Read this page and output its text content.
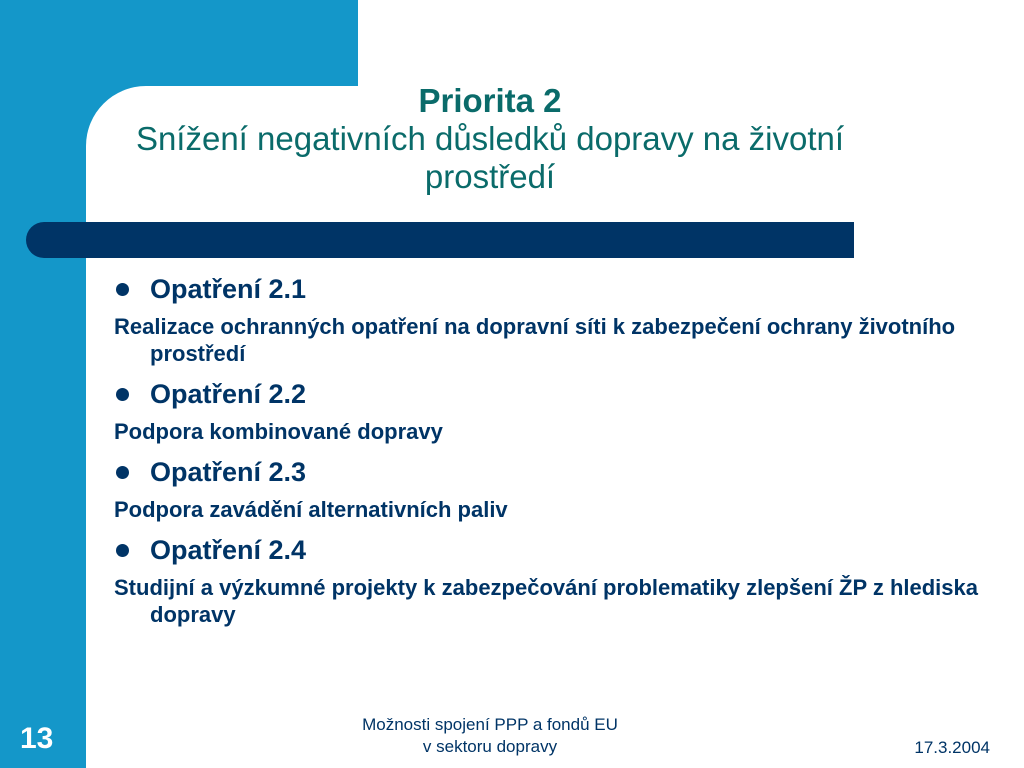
Priorita 2

Snížení negativních důsledků dopravy na životní prostředí

Opatření 2.1

Realizace ochranných opatření na dopravní síti k zabezpečení ochrany životního prostředí

Opatření 2.2

Podpora kombinované dopravy

Opatření 2.3

Podpora zavádění alternativních paliv

Opatření 2.4

Studijní a výzkumné projekty k zabezpečování problematiky zlepšení ŽP z hlediska dopravy

13	Možnosti spojení PPP a fondů EU
v sektoru dopravy	17.3.2004
